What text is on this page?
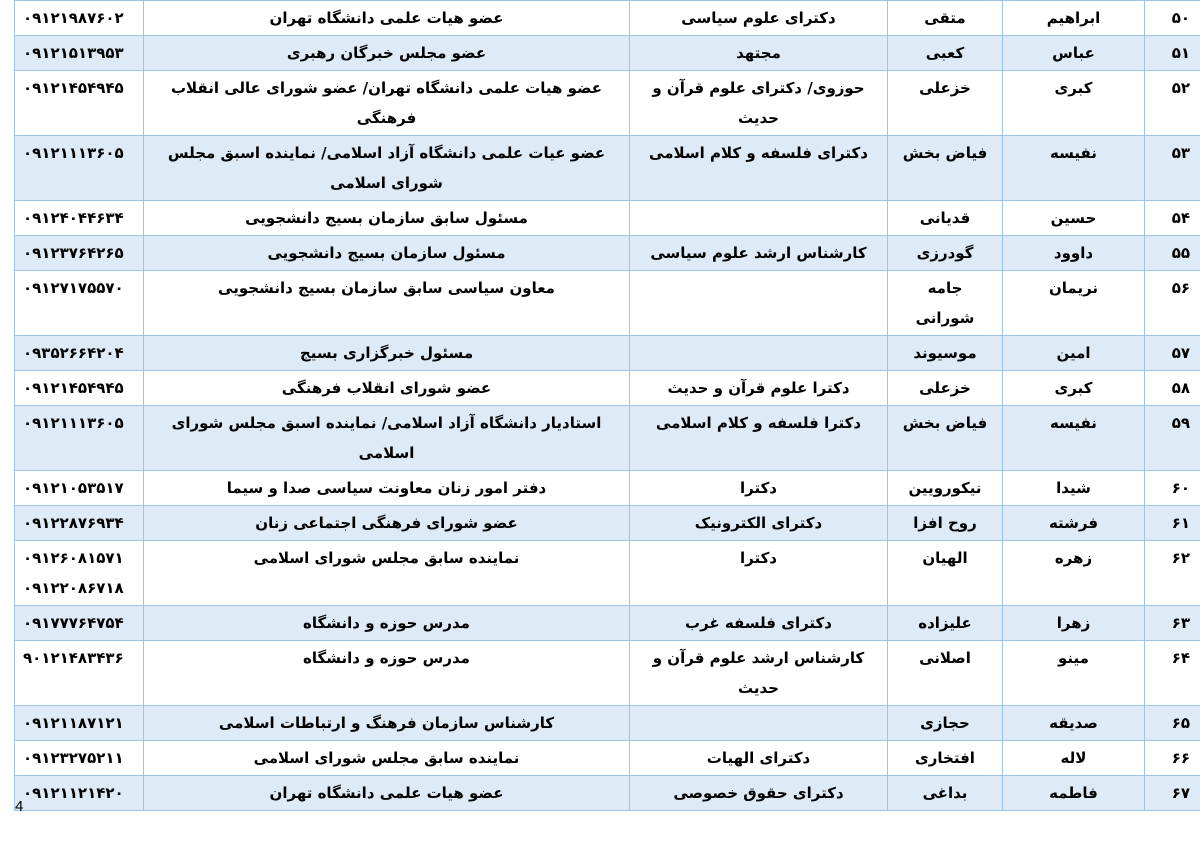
۵۰	ابراهیم	متقی	دکترای علوم سیاسی	عضو هیات علمی دانشگاه تهران	۰۹۱۲۱۹۸۷۶۰۲

۵۱	عباس	کعبی	مجتهد	عضو مجلس خبرگان رهبری	۰۹۱۲۱۵۱۳۹۵۳

۵۲	کبری	خزعلی	حوزوی/ دکترای علوم قرآن و حدیث	عضو هیات علمی دانشگاه تهران/ عضو شورای عالی انقلاب فرهنگی	۰۹۱۲۱۴۵۴۹۴۵

۵۳	نفیسه	فیاض بخش	دکترای فلسفه و کلام اسلامی	عضو عیات علمی دانشگاه آزاد اسلامی/ نماینده اسبق مجلس شورای اسلامی	۰۹۱۲۱۱۱۳۶۰۵

۵۴	حسین	قدیانی		مسئول سابق سازمان بسیج دانشجویی	۰۹۱۲۴۰۴۴۶۳۴

۵۵	داوود	گودرزی	کارشناس ارشد علوم سیاسی	مسئول سازمان بسیج دانشجویی	۰۹۱۲۳۷۶۴۲۶۵

۵۶	نریمان	جامه شورانی		معاون سیاسی سابق سازمان بسیج دانشجویی	۰۹۱۲۷۱۷۵۵۷۰

۵۷	امین	موسیوند		مسئول خبرگزاری بسیج	۰۹۳۵۲۶۶۴۲۰۴

۵۸	کبری	خزعلی	دکترا علوم قرآن و حدیث	عضو شورای انقلاب فرهنگی	۰۹۱۲۱۴۵۴۹۴۵

۵۹	نفیسه	فیاض بخش	دکترا فلسفه و کلام اسلامی	استادیار دانشگاه آزاد اسلامی/ نماینده اسبق مجلس شورای اسلامی	۰۹۱۲۱۱۱۳۶۰۵

۶۰	شیدا	نیکورویین	دکترا	دفتر امور زنان معاونت سیاسی صدا و سیما	۰۹۱۲۱۰۵۳۵۱۷

۶۱	فرشته	روح افزا	دکترای الکترونیک	عضو شورای فرهنگی اجتماعی زنان	۰۹۱۲۲۸۷۶۹۳۴

۶۲	زهره	الهیان	دکترا	نماینده سابق مجلس شورای اسلامی	۰۹۱۲۶۰۸۱۵۷۱
۰۹۱۲۲۰۸۶۷۱۸

۶۳	زهرا	علیزاده	دکترای فلسفه غرب	مدرس حوزه و دانشگاه	۰۹۱۷۷۷۶۴۷۵۴

۶۴	مینو	اصلانی	کارشناس ارشد علوم قرآن و حدیث	مدرس حوزه و دانشگاه	۹۰۱۲۱۴۸۳۴۳۶

۶۵	صدیقه	حجازی		کارشناس سازمان فرهنگ و ارتباطات اسلامی	۰۹۱۲۱۱۸۷۱۲۱

۶۶	لاله	افتخاری	دکترای الهیات	نماینده سابق مجلس شورای اسلامی	۰۹۱۲۳۲۷۵۲۱۱

۶۷	فاطمه	بداغی	دکترای حقوق خصوصی	عضو هیات علمی دانشگاه تهران	۰۹۱۲۱۱۲۱۴۲۰
4
